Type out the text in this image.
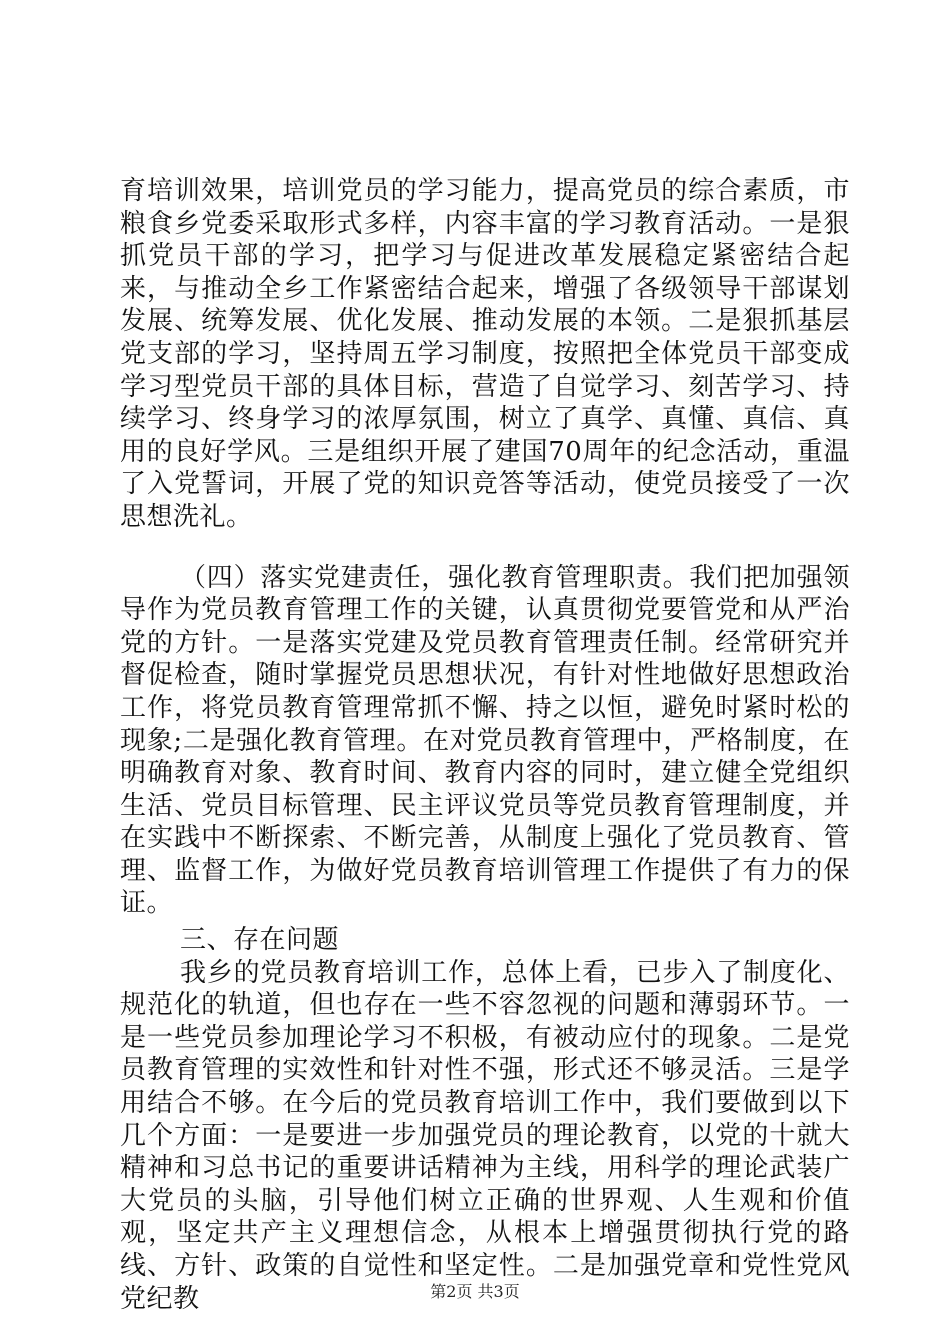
育培训效果，培训党员的学习能力，提高党员的综合素质，市粮食乡党委采取形式多样，内容丰富的学习教育活动。一是狠抓党员干部的学习，把学习与促进改革发展稳定紧密结合起来，与推动全乡工作紧密结合起来，增强了各级领导干部谋划发展、统筹发展、优化发展、推动发展的本领。二是狠抓基层党支部的学习，坚持周五学习制度，按照把全体党员干部变成学习型党员干部的具体目标，营造了自觉学习、刻苦学习、持续学习、终身学习的浓厚氛围，树立了真学、真懂、真信、真用的良好学风。三是组织开展了建国70周年的纪念活动，重温了入党誓词，开展了党的知识竞答等活动，使党员接受了一次思想洗礼。

（四）落实党建责任，强化教育管理职责。我们把加强领导作为党员教育管理工作的关键，认真贯彻党要管党和从严治党的方针。一是落实党建及党员教育管理责任制。经常研究并督促检查，随时掌握党员思想状况，有针对性地做好思想政治工作，将党员教育管理常抓不懈、持之以恒，避免时紧时松的现象;二是强化教育管理。在对党员教育管理中，严格制度，在明确教育对象、教育时间、教育内容的同时，建立健全党组织生活、党员目标管理、民主评议党员等党员教育管理制度，并在实践中不断探索、不断完善，从制度上强化了党员教育、管理、监督工作，为做好党员教育培训管理工作提供了有力的保证。

三、存在问题

我乡的党员教育培训工作，总体上看，已步入了制度化、规范化的轨道，但也存在一些不容忽视的问题和薄弱环节。一是一些党员参加理论学习不积极，有被动应付的现象。二是党员教育管理的实效性和针对性不强，形式还不够灵活。三是学用结合不够。在今后的党员教育培训工作中，我们要做到以下几个方面：一是要进一步加强党员的理论教育，以党的十就大精神和习总书记的重要讲话精神为主线，用科学的理论武装广大党员的头脑，引导他们树立正确的世界观、人生观和价值观，坚定共产主义理想信念，从根本上增强贯彻执行党的路线、方针、政策的自觉性和坚定性。二是加强党章和党性党风党纪教	第2页 共3页
